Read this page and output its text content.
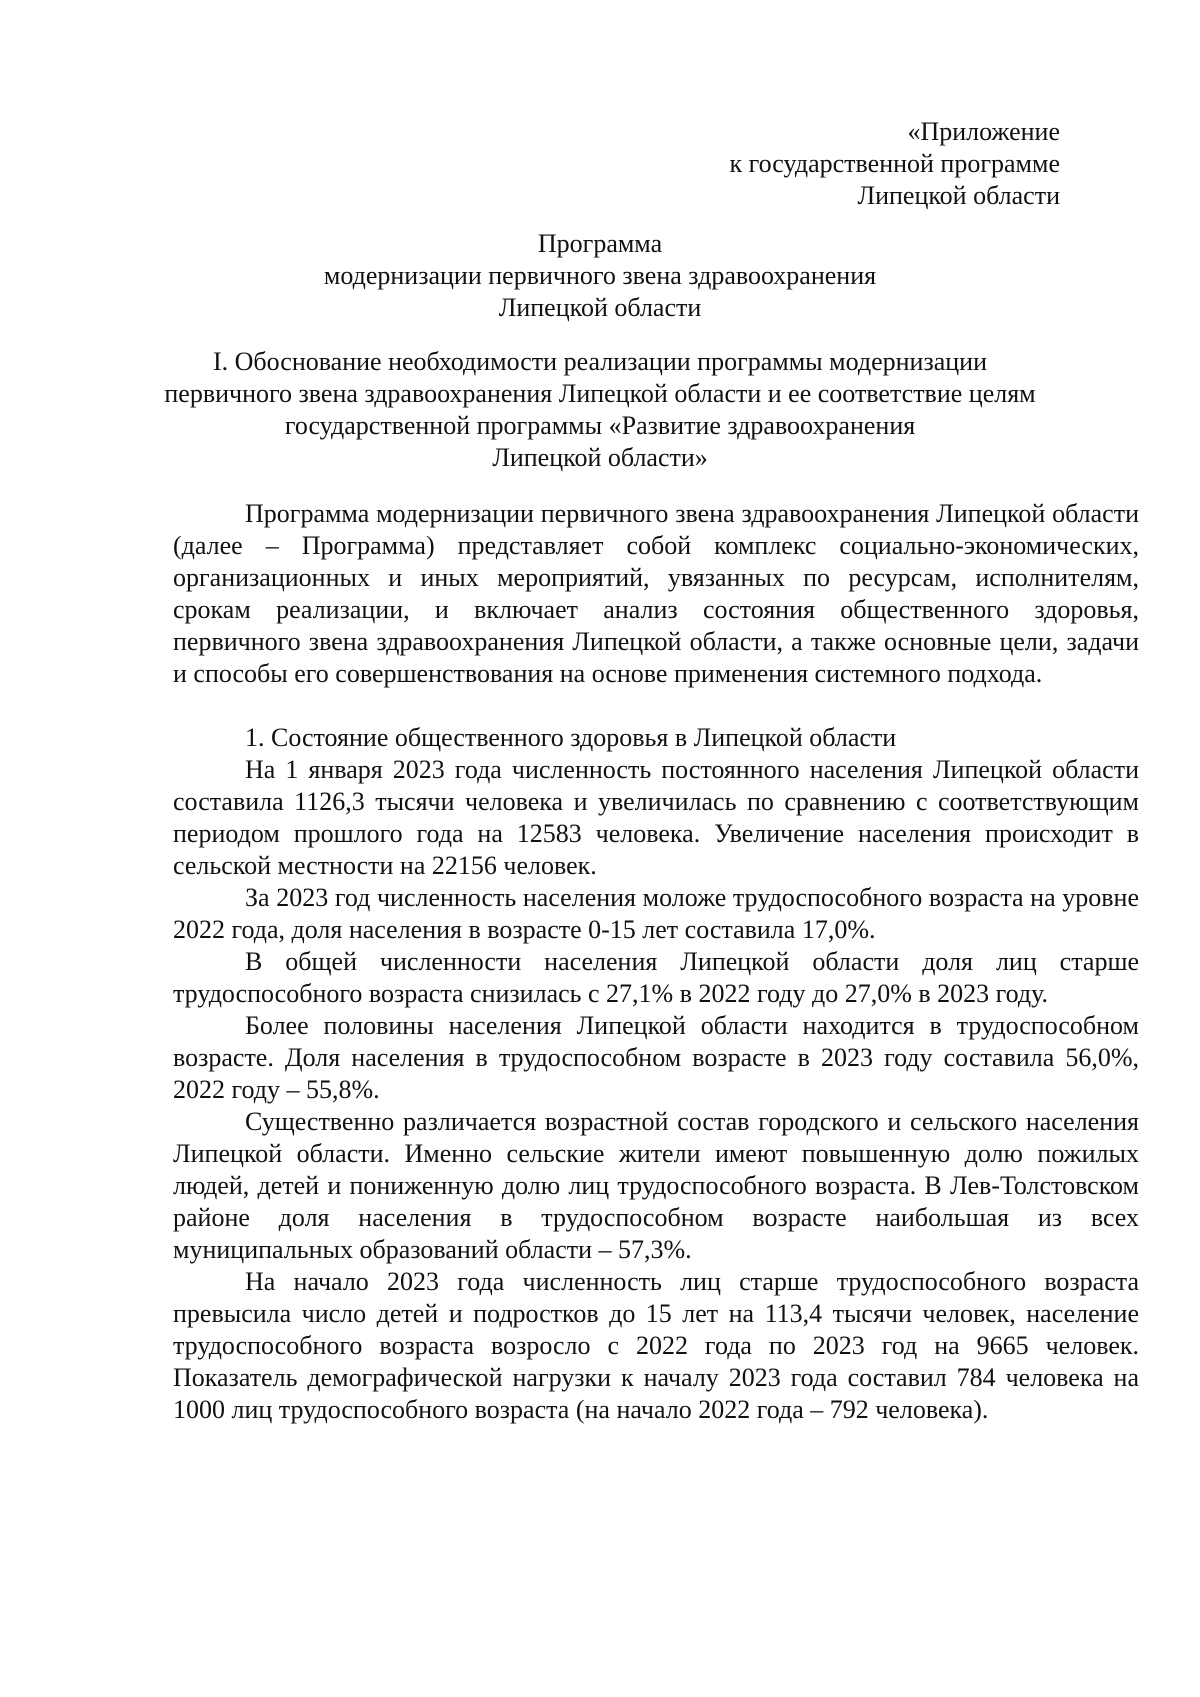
«Приложение
к государственной программе
Липецкой области
Программа
модернизации первичного звена здравоохранения
Липецкой области
I. Обоснование необходимости реализации программы модернизации
первичного звена здравоохранения Липецкой области и ее соответствие целям
государственной программы «Развитие здравоохранения
Липецкой области»

Программа модернизации первичного звена здравоохранения Липецкой области (далее – Программа) представляет собой комплекс социально-экономических, организационных и иных мероприятий, увязанных по ресурсам, исполнителям, срокам реализации, и включает анализ состояния общественного здоровья, первичного звена здравоохранения Липецкой области, а также основные цели, задачи и способы его совершенствования на основе применения системного подхода.

1. Состояние общественного здоровья в Липецкой области

На 1 января 2023 года численность постоянного населения Липецкой области составила 1126,3 тысячи человека и увеличилась по сравнению с соответствующим периодом прошлого года на 12583 человека. Увеличение населения происходит в сельской местности на 22156 человек.

За 2023 год численность населения моложе трудоспособного возраста на уровне 2022 года, доля населения в возрасте 0-15 лет составила 17,0%.

В общей численности населения Липецкой области доля лиц старше трудоспособного возраста снизилась с 27,1% в 2022 году до 27,0% в 2023 году.

Более половины населения Липецкой области находится в трудоспособном возрасте. Доля населения в трудоспособном возрасте в 2023 году составила 56,0%, 2022 году – 55,8%.

Существенно различается возрастной состав городского и сельского населения Липецкой области. Именно сельские жители имеют повышенную долю пожилых людей, детей и пониженную долю лиц трудоспособного возраста. В Лев-Толстовском районе доля населения в трудоспособном возрасте наибольшая из всех муниципальных образований области – 57,3%.

На начало 2023 года численность лиц старше трудоспособного возраста превысила число детей и подростков до 15 лет на 113,4 тысячи человек, население трудоспособного возраста возросло с 2022 года по 2023 год на 9665 человек. Показатель демографической нагрузки к началу 2023 года составил 784 человека на 1000 лиц трудоспособного возраста (на начало 2022 года – 792 человека).
